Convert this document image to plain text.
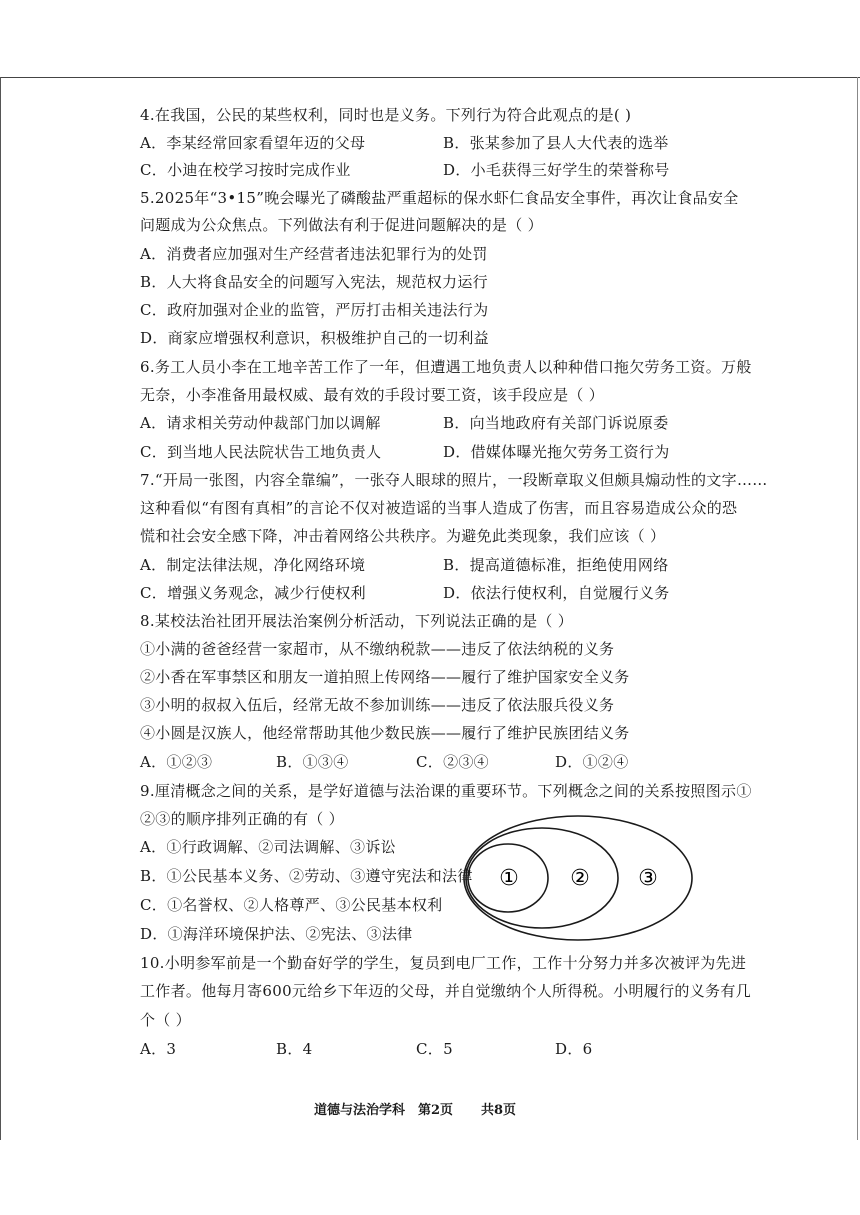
4.在我国，公民的某些权利，同时也是义务。下列行为符合此观点的是( )
A．李某经常回家看望年迈的父母	B．张某参加了县人大代表的选举
C．小迪在校学习按时完成作业	D．小毛获得三好学生的荣誉称号
5.2025年“3•15”晚会曝光了磷酸盐严重超标的保水虾仁食品安全事件，再次让食品安全
问题成为公众焦点。下列做法有利于促进问题解决的是（ ）
A．消费者应加强对生产经营者违法犯罪行为的处罚
B．人大将食品安全的问题写入宪法，规范权力运行
C．政府加强对企业的监管，严厉打击相关违法行为
D．商家应增强权利意识，积极维护自己的一切利益
6.务工人员小李在工地辛苦工作了一年，但遭遇工地负责人以种种借口拖欠劳务工资。万般
无奈，小李准备用最权威、最有效的手段讨要工资，该手段应是（ ）
A．请求相关劳动仲裁部门加以调解	B．向当地政府有关部门诉说原委
C．到当地人民法院状告工地负责人	D．借媒体曝光拖欠劳务工资行为
7.“开局一张图，内容全靠编”，一张夺人眼球的照片，一段断章取义但颇具煽动性的文字……
这种看似“有图有真相”的言论不仅对被造谣的当事人造成了伤害，而且容易造成公众的恐
慌和社会安全感下降，冲击着网络公共秩序。为避免此类现象，我们应该（ ）
A．制定法律法规，净化网络环境	B．提高道德标准，拒绝使用网络
C．增强义务观念，减少行使权利	D．依法行使权利，自觉履行义务
8.某校法治社团开展法治案例分析活动，下列说法正确的是（ ）
①小满的爸爸经营一家超市，从不缴纳税款——违反了依法纳税的义务
②小香在军事禁区和朋友一道拍照上传网络——履行了维护国家安全义务
③小明的叔叔入伍后，经常无故不参加训练——违反了依法服兵役义务
④小圆是汉族人，他经常帮助其他少数民族——履行了维护民族团结义务
A．①②③	B．①③④	C．②③④	D．①②④
9.厘清概念之间的关系，是学好道德与法治课的重要环节。下列概念之间的关系按照图示①
②③的顺序排列正确的有（ ）
A．①行政调解、②司法调解、③诉讼
B．①公民基本义务、②劳动、③遵守宪法和法律
C．①名誉权、②人格尊严、③公民基本权利
D．①海洋环境保护法、②宪法、③法律
① ② ③
10.小明参军前是一个勤奋好学的学生，复员到电厂工作，工作十分努力并多次被评为先进
工作者。他每月寄600元给乡下年迈的父母，并自觉缴纳个人所得税。小明履行的义务有几
个（ ）
A．3	B．4	C．5	D．6
道德与法治学科 第2页 共8页
